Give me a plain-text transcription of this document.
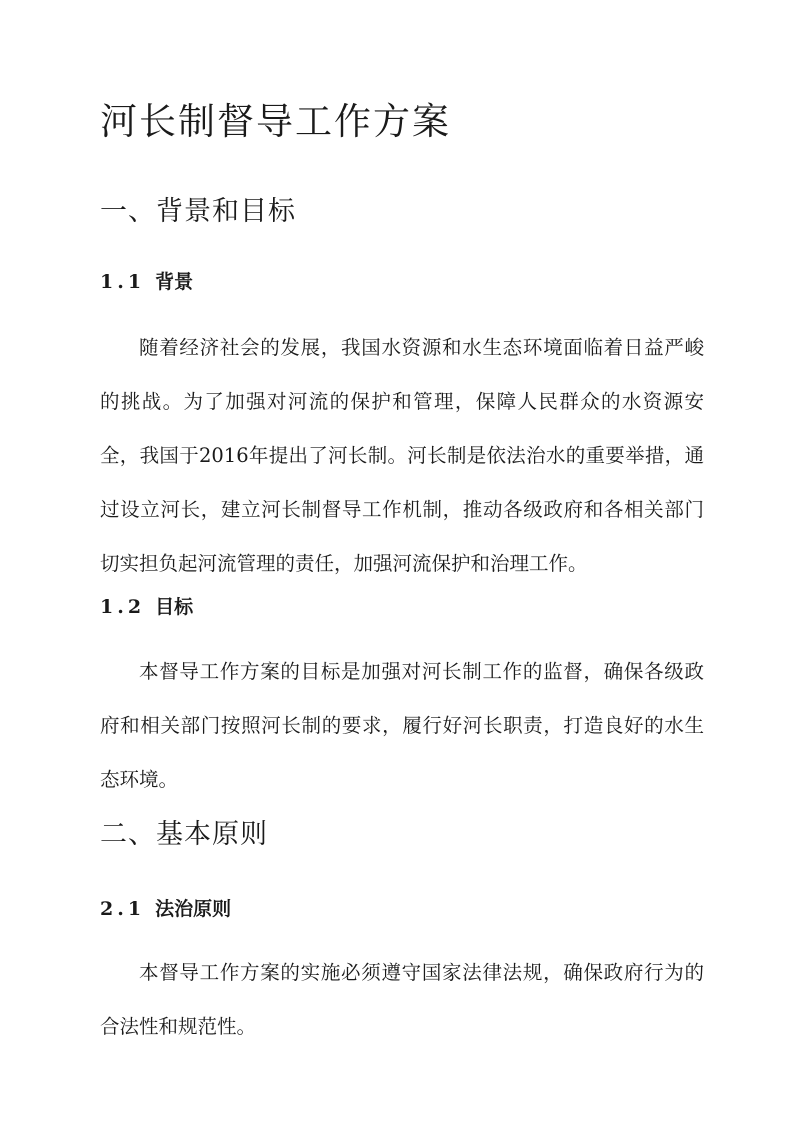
河长制督导工作方案
一、背景和目标
1.1 背景

随着经济社会的发展，我国水资源和水生态环境面临着日益严峻的挑战。为了加强对河流的保护和管理，保障人民群众的水资源安全，我国于2016年提出了河长制。河长制是依法治水的重要举措，通过设立河长，建立河长制督导工作机制，推动各级政府和各相关部门切实担负起河流管理的责任，加强河流保护和治理工作。

1.2 目标

本督导工作方案的目标是加强对河长制工作的监督，确保各级政府和相关部门按照河长制的要求，履行好河长职责，打造良好的水生态环境。

二、基本原则
2.1 法治原则

本督导工作方案的实施必须遵守国家法律法规，确保政府行为的合法性和规范性。
